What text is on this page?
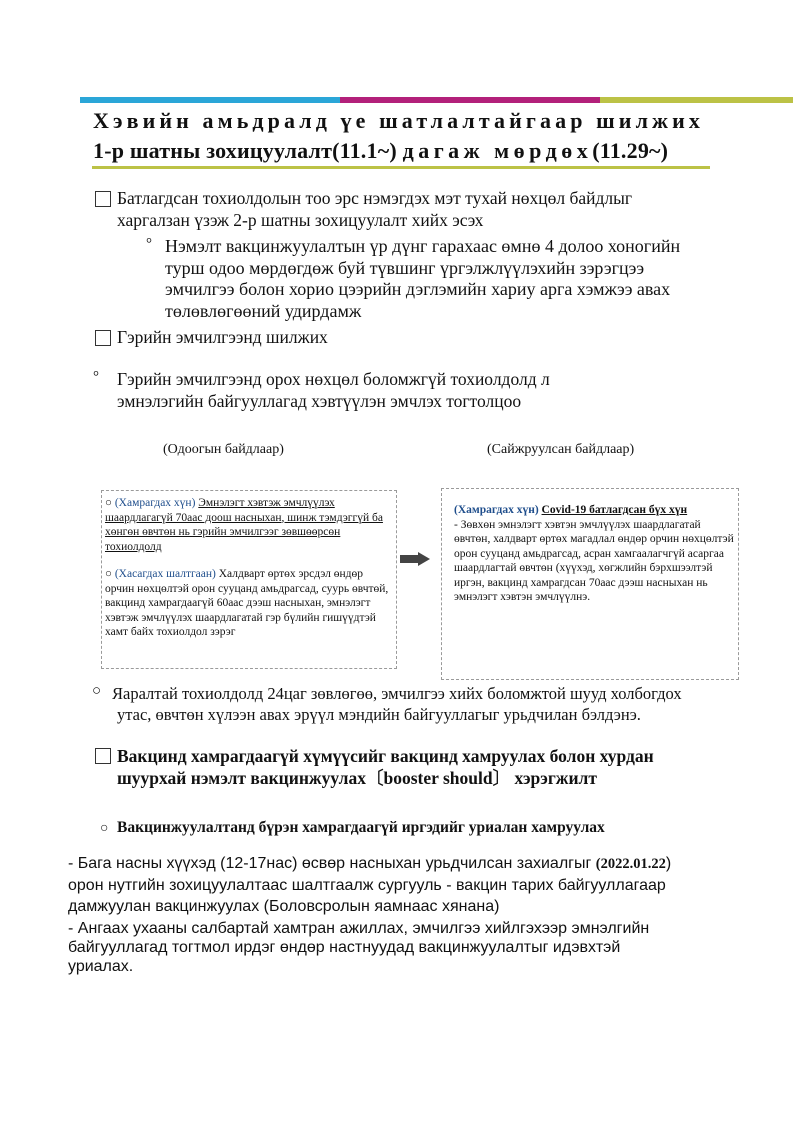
Хэвийн амьдралд үе шатлалтайгаар шилжих
1-р шатны зохицуулалт(11.1~) дагаж мөрдөх(11.29~)
Батлагдсан тохиолдолын тоо эрс нэмэгдэх мэт тухай нөхцөл байдлыг
харгалзан үзэж 2-р шатны зохицуулалт хийх эсэх
° Нэмэлт вакцинжуулалтын үр дүнг гарахаас өмнө 4 долоо хоногийн турш одоо мөрдөгдөж буй түвшинг үргэлжлүүлэхийн зэрэгцээ эмчилгээ болон хорио цээрийн дэглэмийн хариу арга хэмжээ авах төлөвлөгөөний удирдамж
Гэрийн эмчилгээнд шилжих
° Гэрийн эмчилгээнд орох нөхцөл боломжгүй тохиолдолд л
эмнэлэгийн байгууллагад хэвтүүлэн эмчлэх тогтолцоо
(Одоогын байдлаар)	(Сайжруулсан байдлаар)
○ (Хамрагдах хүн) Эмнэлэгт хэвтэж эмчлүүлэх шаардлагагүй 70аас доош насныхан, шинж тэмдэггүй ба хөнгөн өвчтөн нь гэрийн эмчилгээг зөвшөөрсөн тохиолдолд
○ (Хасагдах шалтгаан) Халдварт өртөх эрсдэл өндөр орчин нөхцөлтэй орон сууцанд амьдрагсад, суурь өвчтөй, вакцинд хамрагдаагүй 60аас дээш насныхан, эмнэлэгт хэвтэж эмчлүүлэх шаардлагатай гэр бүлийн гишүүдтэй хамт байх тохиолдол зэрэг
(Хамрагдах хүн) Covid-19 батлагдсан бүх хүн
- Зөвхөн эмнэлэгт хэвтэн эмчлүүлэх шаардлагатай өвчтөн, халдварт өртөх магадлал өндөр орчин нөхцөлтэй орон сууцанд амьдрагсад, асран хамгаалагчгүй асаргаа шаардлагтай өвчтөн (хүүхэд, хөгжлийн бэрхшээлтэй иргэн, вакцинд хамрагдсан 70аас дээш насныхан нь эмнэлэгт хэвтэн эмчлүүлнэ.
○ Яаралтай тохиолдолд 24цаг зөвлөгөө, эмчилгээ хийх боломжтой шууд холбогдох
утас, өвчтөн хүлээн авах эрүүл мэндийн байгууллагыг урьдчилан бэлдэнэ.
Вакцинд хамрагдаагүй хүмүүсийг вакцинд хамруулах болон хурдан
шуурхай нэмэлт вакцинжуулах〔booster should〕 хэрэгжилт
○ Вакцинжуулалтанд бүрэн хамрагдаагүй иргэдийг уриалан хамруулах
- Бага насны хүүхэд (12-17нас) өсвөр насныхан урьдчилсан захиалгыг (2022.01.22)
орон нутгийн зохицуулалтаас шалтгаалж сургууль - вакцин тарих байгууллагаар
дамжуулан вакцинжуулах (Боловсролын яамнаас хянана)
- Ангаах ухааны салбартай хамтран ажиллах, эмчилгээ хийлгэхээр эмнэлгийн
байгууллагад тогтмол ирдэг өндөр настнуудад вакцинжуулалтыг идэвхтэй
уриалах.
